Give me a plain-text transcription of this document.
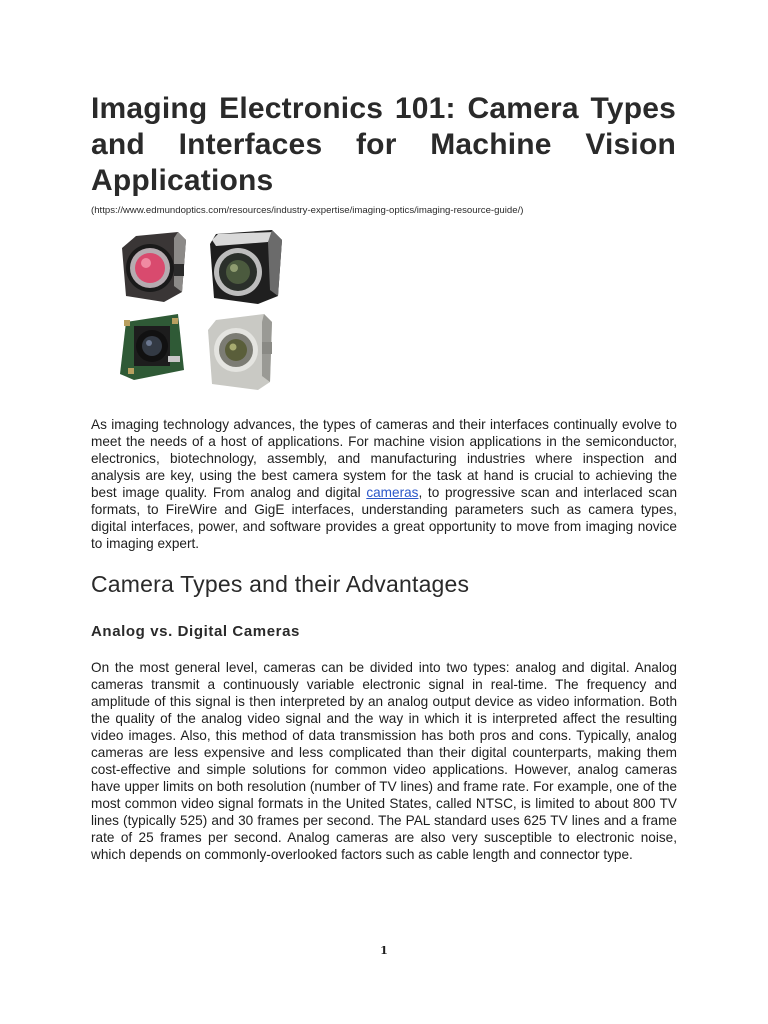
Imaging Electronics 101: Camera Types and Interfaces for Machine Vision Applications
(https://www.edmundoptics.com/resources/industry-expertise/imaging-optics/imaging-resource-guide/)

As imaging technology advances, the types of cameras and their interfaces continually evolve to meet the needs of a host of applications. For machine vision applications in the semiconductor, electronics, biotechnology, assembly, and manufacturing industries where inspection and analysis are key, using the best camera system for the task at hand is crucial to achieving the best image quality. From analog and digital cameras, to progressive scan and interlaced scan formats, to FireWire and GigE interfaces, understanding parameters such as camera types, digital interfaces, power, and software provides a great opportunity to move from imaging novice to imaging expert.

Camera Types and their Advantages
Analog vs. Digital Cameras

On the most general level, cameras can be divided into two types: analog and digital. Analog cameras transmit a continuously variable electronic signal in real-time. The frequency and amplitude of this signal is then interpreted by an analog output device as video information. Both the quality of the analog video signal and the way in which it is interpreted affect the resulting video images. Also, this method of data transmission has both pros and cons. Typically, analog cameras are less expensive and less complicated than their digital counterparts, making them cost-effective and simple solutions for common video applications. However, analog cameras have upper limits on both resolution (number of TV lines) and frame rate. For example, one of the most common video signal formats in the United States, called NTSC, is limited to about 800 TV lines (typically 525) and 30 frames per second. The PAL standard uses 625 TV lines and a frame rate of 25 frames per second. Analog cameras are also very susceptible to electronic noise, which depends on commonly-overlooked factors such as cable length and connector type.

1
